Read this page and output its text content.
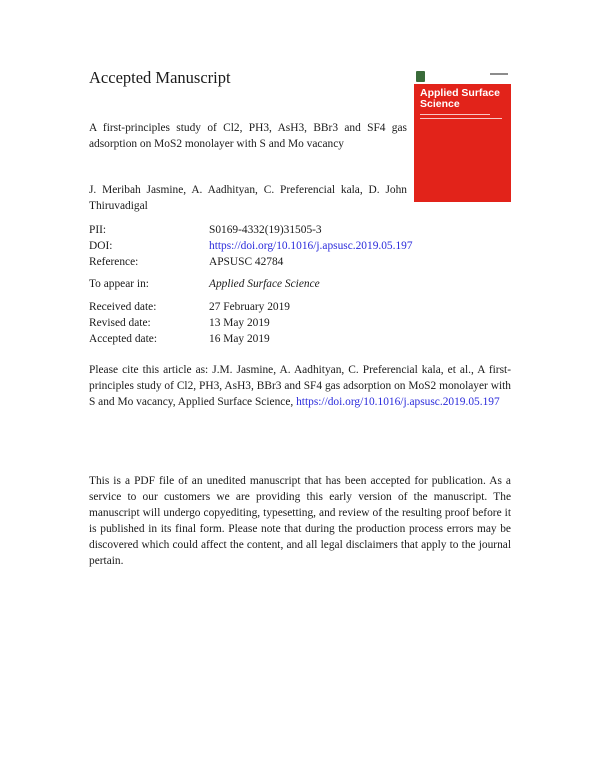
Accepted Manuscript
A first-principles study of Cl2, PH3, AsH3, BBr3 and SF4 gas adsorption on MoS2 monolayer with S and Mo vacancy
J. Meribah Jasmine, A. Aadhityan, C. Preferencial kala, D. John Thiruvadigal
Applied Surface Science
PII:	S0169-4332(19)31505-3
DOI:	https://doi.org/10.1016/j.apsusc.2019.05.197
Reference:	APSUSC 42784
To appear in:	Applied Surface Science
Received date:	27 February 2019
Revised date:	13 May 2019
Accepted date:	16 May 2019
Please cite this article as: J.M. Jasmine, A. Aadhityan, C. Preferencial kala, et al., A first-principles study of Cl2, PH3, AsH3, BBr3 and SF4 gas adsorption on MoS2 monolayer with S and Mo vacancy, Applied Surface Science, https://doi.org/10.1016/j.apsusc.2019.05.197
This is a PDF file of an unedited manuscript that has been accepted for publication. As a service to our customers we are providing this early version of the manuscript. The manuscript will undergo copyediting, typesetting, and review of the resulting proof before it is published in its final form. Please note that during the production process errors may be discovered which could affect the content, and all legal disclaimers that apply to the journal pertain.
